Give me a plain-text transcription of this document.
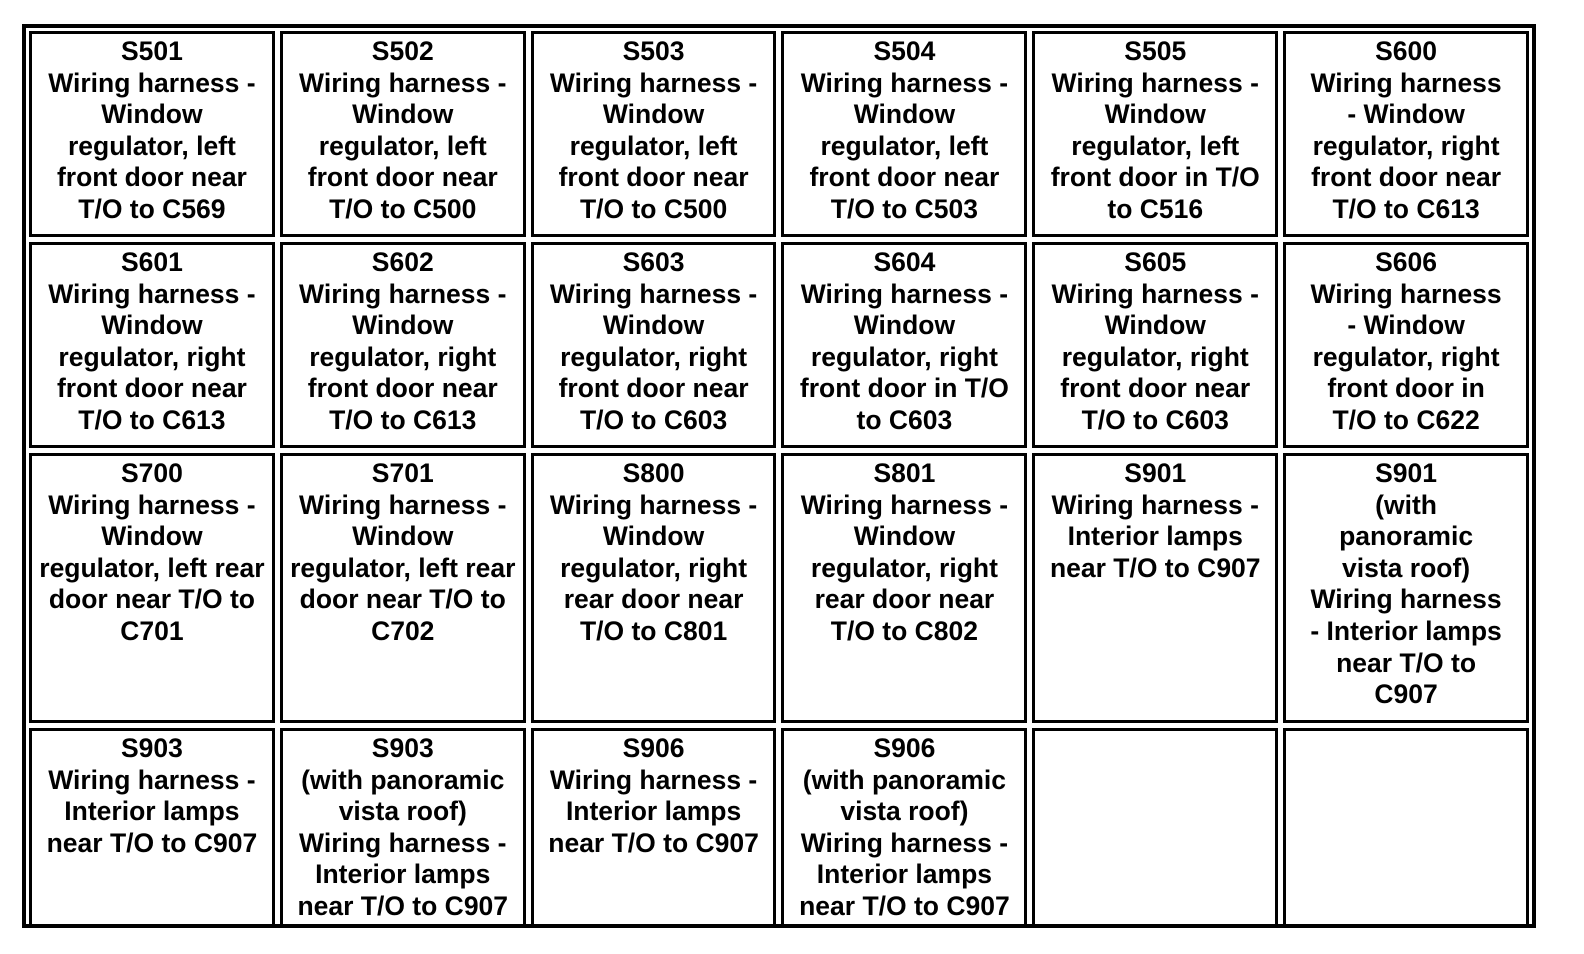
S501
Wiring harness -
Window
regulator, left
front door near
T/O to C569
S502
Wiring harness -
Window
regulator, left
front door near
T/O to C500
S503
Wiring harness -
Window
regulator, left
front door near
T/O to C500
S504
Wiring harness -
Window
regulator, left
front door near
T/O to C503
S505
Wiring harness -
Window
regulator, left
front door in T/O
to C516
S600
Wiring harness
- Window
regulator, right
front door near
T/O to C613
S601
Wiring harness -
Window
regulator, right
front door near
T/O to C613
S602
Wiring harness -
Window
regulator, right
front door near
T/O to C613
S603
Wiring harness -
Window
regulator, right
front door near
T/O to C603
S604
Wiring harness -
Window
regulator, right
front door in T/O
to C603
S605
Wiring harness -
Window
regulator, right
front door near
T/O to C603
S606
Wiring harness
- Window
regulator, right
front door in
T/O to C622
S700
Wiring harness -
Window
regulator, left rear
door near T/O to
C701
S701
Wiring harness -
Window
regulator, left rear
door near T/O to
C702
S800
Wiring harness -
Window
regulator, right
rear door near
T/O to C801
S801
Wiring harness -
Window
regulator, right
rear door near
T/O to C802
S901
Wiring harness -
Interior lamps
near T/O to C907
S901
(with
panoramic
vista roof)
Wiring harness
- Interior lamps
near T/O to
C907
S903
Wiring harness -
Interior lamps
near T/O to C907
S903
(with panoramic
vista roof)
Wiring harness -
Interior lamps
near T/O to C907
S906
Wiring harness -
Interior lamps
near T/O to C907
S906
(with panoramic
vista roof)
Wiring harness -
Interior lamps
near T/O to C907
